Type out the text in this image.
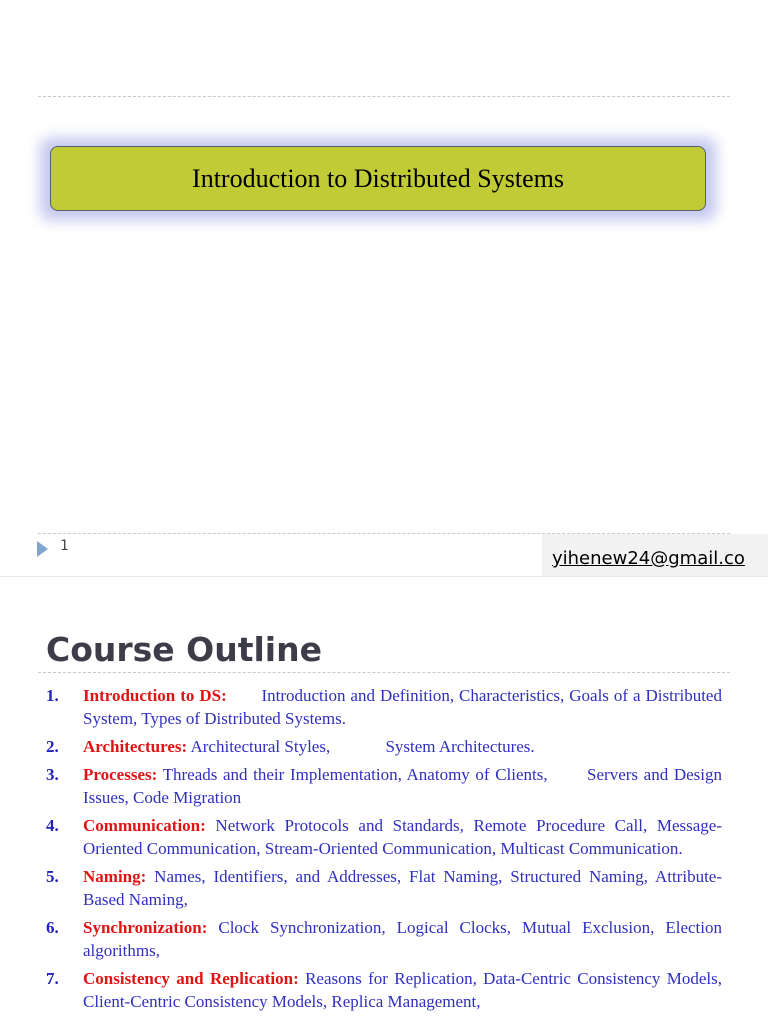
Introduction to Distributed Systems
1
yihenew24@gmail.co
Course Outline
1.	Introduction to DS:       Introduction and Definition, Characteristics, Goals of a Distributed System, Types of Distributed Systems.
2.	Architectures: Architectural Styles,             System Architectures.
3.	Processes: Threads and their Implementation, Anatomy of Clients,       Servers and Design Issues, Code Migration
4.	Communication: Network Protocols and Standards, Remote Procedure Call, Message-Oriented Communication, Stream-Oriented Communication, Multicast Communication.
5.	Naming: Names, Identifiers, and Addresses, Flat Naming, Structured Naming, Attribute-Based Naming,
6.	Synchronization: Clock Synchronization, Logical Clocks, Mutual Exclusion, Election algorithms,
7.	Consistency and Replication: Reasons for Replication, Data-Centric Consistency Models, Client-Centric Consistency Models, Replica Management,
